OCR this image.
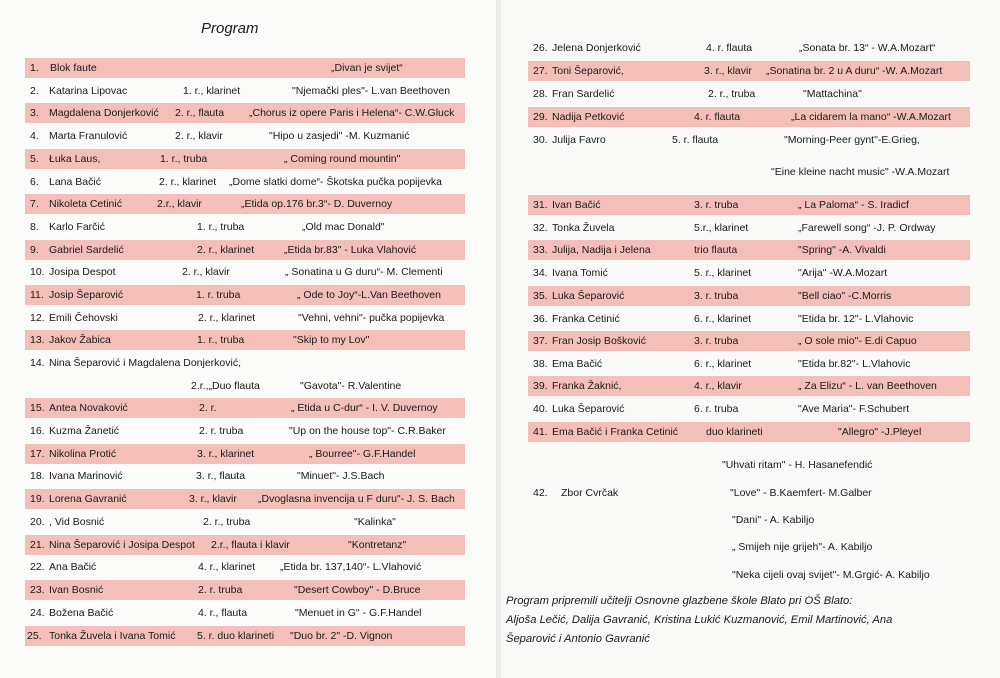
Program
1. Blok faute	„Divan je svijet“
2. Katarina Lipovac	1. r., klarinet	"Njemački ples"- L.van Beethoven
3. Magdalena Donjerković 2. r., flauta „Chorus iz opere Paris i Helena“- C.W.Gluck
4. Marta Franulović	2. r., klavir	"Hipo u zasjedi" -M. Kuzmanić
5. Łuka Laus,	1. r., truba	„ Coming round mountin"
6. Lana Bačić	2. r., klarinet „Dome slatki dome“- Škotska pučka popijevka
7. Nikoleta Cetinić	2.r., klavir	„Etida op.176 br.3“- D. Duvernoy
8. Karlo Farčić	1. r., truba	„Old mac Donald"
9. Gabriel Sardelić	2. r., klarinet	„Etida br.83" - Luka Vlahović
10. Josipa Despot	2. r., klavir	„ Sonatina u G duru“- M. Clementi
11. Josip Šeparović	1. r. truba	„ Ode to Joy“-L.Van Beethoven
12. Emili Čehovski	2. r., klarinet	"Vehni, vehni"- pučka popijevka
13. Jakov Žabica	1. r., truba	"Skip to my Lov"
14. Nina Šeparović i Magdalena Donjerković,
2.r.,„Duo flauta	"Gavota"- R.Valentine
15. Antea Novaković	2. r.	„ Etida u C-dur“ - I. V. Duvernoy
16. Kuzma Žanetić	2. r. truba	"Up on the house top"- C.R.Baker
17. Nikolina Protić	3. r., klarinet	„ Bourree"- G.F.Handel
18. Ivana Marinović	3. r., flauta	"Minuet"- J.S.Bach
19. Lorena Gavranić	3. r., klavir „Dvoglasna invencija u F duru"- J. S. Bach
20. , Vid Bosnić	2. r., truba	"Kalinka"
21. Nina Šeparović i Josipa Despot 2.r., flauta i klavir	"Kontretanz"
22. Ana Bačić	4. r., klarinet „Etida br. 137,140“- L.Vlahović
23. Ivan Bosnić	2. r. truba	"Desert Cowboy" - D.Bruce
24. Božena Bačić	4. r., flauta	"Menuet in G" - G.F.Handel
25. Tonka Žuvela i Ivana Tomić 5. r. duo klarineti "Duo br. 2" -D. Vignon
26. Jelena Donjerković	4. r. flauta	„Sonata br. 13“ - W.A.Mozart“
27. Toni Šeparović,	3. r., klavir „Sonatina br. 2 u A duru“ -W. A.Mozart
28. Fran Sardelić	2. r., truba	"Mattachina"
29. Nadija Petković	4. r. flauta	„La cidarem la mano“ -W.A.Mozart
30. Julija Favro	5. r. flauta	"Morning-Peer gynt"-E.Grieg,
31. Ivan Bačić	3. r. truba	„ La Paloma“ - S. Iradicf
32. Tonka Žuvela	5.r., klarinet	„Farewell song“ -J. P. Ordway
33. Julija, Nadija i Jelena	trio flauta	"Spring" -A. Vivaldi
34. Ivana Tomić	5. r., klarinet	"Arija" -W.A.Mozart
35. Luka Šeparović	3. r. truba	"Bell ciao" -C.Morris
36. Franka Cetinić	6. r., klarinet	"Etida br. 12"- L.Vlahovic
37. Fran Josip Bošković	3. r. truba	„ O sole mio"- E.di Capuo
38. Ema Bačić	6. r., klarinet	"Etida br.82"- L.Vlahovic
39. Franka Žaknić,	4. r., klavir	„ Za Elizu“ - L. van Beethoven
40. Luka Šeparović	6. r. truba	"Ave Maria"- F.Schubert
41. Ema Bačić i Franka Cetinić	duo klarineti	"Allegro" -J.Pleyel
"Eine kleine nacht music" -W.A.Mozart
42. Zbor Cvrčak
"Uhvati ritam" - H. Hasanefendić
"Love" - B.Kaemfert- M.Galber
"Dani" - A. Kabiljo
„ Smijeh nije grijeh"- A. Kabiljo
"Neka cijeli ovaj svijet"- M.Grgić- A. Kabiljo
Program pripremili učitelji Osnovne glazbene škole Blato pri OŠ Blato:
Aljoša Lečić, Dalija Gavranić, Kristina Lukić Kuzmanović, Emil Martinović, Ana
Šeparović i Antonio Gavranić
